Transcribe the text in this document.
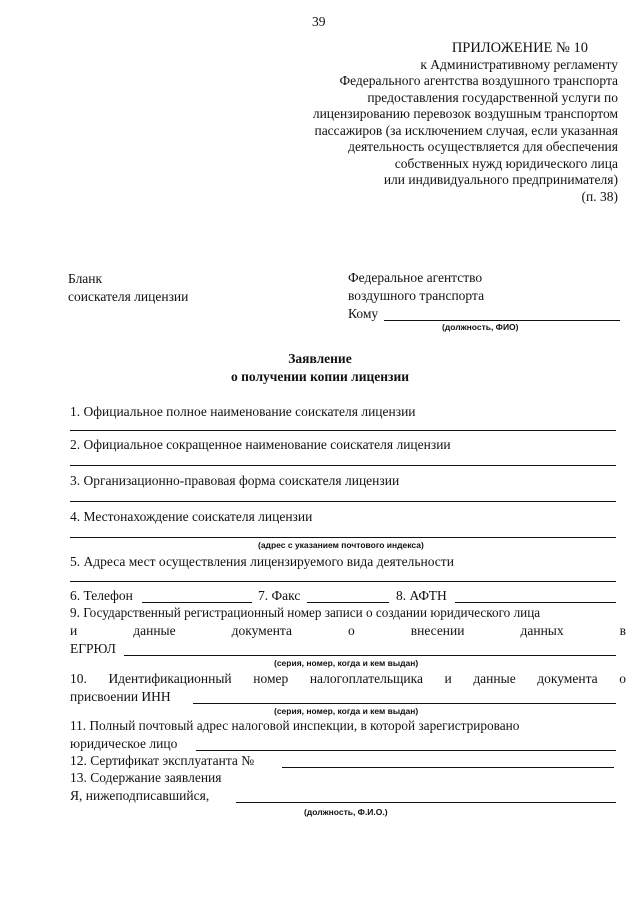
39
ПРИЛОЖЕНИЕ № 10
к Административному регламенту
Федерального агентства воздушного транспорта
предоставления государственной услуги по
лицензированию перевозок воздушным транспортом
пассажиров (за исключением случая, если указанная
деятельность осуществляется для обеспечения
собственных нужд юридического лица
или индивидуального предпринимателя)
(п. 38)
Бланк
соискателя лицензии
Федеральное агентство
воздушного транспорта
Кому
(должность, ФИО)
Заявление
о получении копии лицензии
1. Официальное полное наименование соискателя лицензии
2. Официальное сокращенное наименование соискателя лицензии
3. Организационно-правовая форма соискателя лицензии
4. Местонахождение соискателя лицензии
(адрес с указанием почтового индекса)
5. Адреса мест осуществления лицензируемого вида деятельности
6. Телефон	7. Факс	8. АФТН
9. Государственный регистрационный номер записи о создании юридического лица
и	данные	документа	о	внесении	данных	в
ЕГРЮЛ
(серия, номер, когда и кем выдан)
10. Идентификационный номер налогоплательщика и данные документа о
присвоении ИНН
(серия, номер, когда и кем выдан)
11. Полный почтовый адрес налоговой инспекции, в которой зарегистрировано
юридическое лицо
12. Сертификат эксплуатанта №
13. Содержание заявления
Я, нижеподписавшийся,
(должность, Ф.И.О.)
